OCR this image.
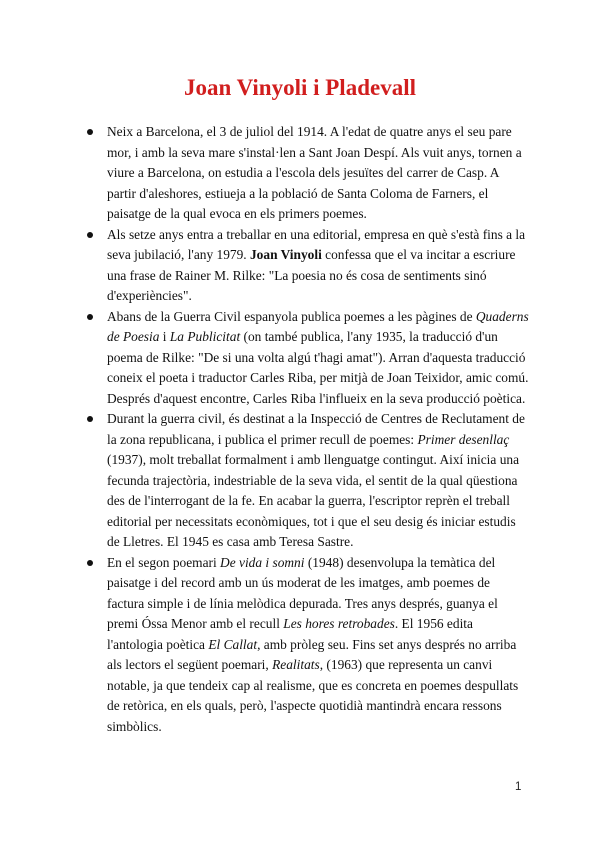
Joan Vinyoli i Pladevall
Neix a Barcelona, el 3 de juliol del 1914. A l'edat de quatre anys el seu pare mor, i amb la seva mare s'instal·len a Sant Joan Despí. Als vuit anys, tornen a viure a Barcelona, on estudia a l'escola dels jesuïtes del carrer de Casp. A partir d'aleshores, estiueja a la població de Santa Coloma de Farners, el paisatge de la qual evoca en els primers poemes.
Als setze anys entra a treballar en una editorial, empresa en què s'està fins a la seva jubilació, l'any 1979. Joan Vinyoli confessa que el va incitar a escriure una frase de Rainer M. Rilke: "La poesia no és cosa de sentiments sinó d'experiències".
Abans de la Guerra Civil espanyola publica poemes a les pàgines de Quaderns de Poesia i La Publicitat (on també publica, l'any 1935, la traducció d'un poema de Rilke: "De si una volta algú t'hagi amat"). Arran d'aquesta traducció coneix el poeta i traductor Carles Riba, per mitjà de Joan Teixidor, amic comú. Després d'aquest encontre, Carles Riba l'influeix en la seva producció poètica.
Durant la guerra civil, és destinat a la Inspecció de Centres de Reclutament de la zona republicana, i publica el primer recull de poemes: Primer desenllaç (1937), molt treballat formalment i amb llenguatge contingut. Així inicia una fecunda trajectòria, indestriable de la seva vida, el sentit de la qual qüestiona des de l'interrogant de la fe. En acabar la guerra, l'escriptor reprèn el treball editorial per necessitats econòmiques, tot i que el seu desig és iniciar estudis de Lletres. El 1945 es casa amb Teresa Sastre.
En el segon poemari De vida i somni (1948) desenvolupa la temàtica del paisatge i del record amb un ús moderat de les imatges, amb poemes de factura simple i de línia melòdica depurada. Tres anys després, guanya el premi Óssa Menor amb el recull Les hores retrobades. El 1956 edita l'antologia poètica El Callat, amb pròleg seu. Fins set anys després no arriba als lectors el següent poemari, Realitats, (1963) que representa un canvi notable, ja que tendeix cap al realisme, que es concreta en poemes despullats de retòrica, en els quals, però, l'aspecte quotidià mantindrà encara ressons simbòlics.
1
